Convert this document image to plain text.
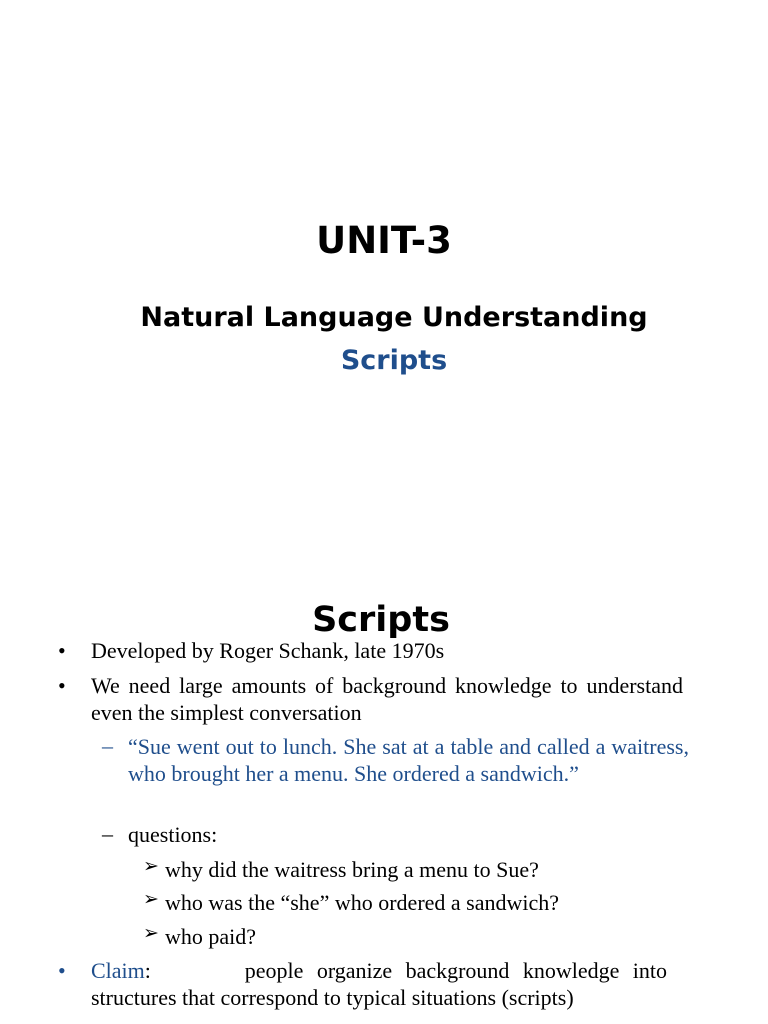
UNIT-3
Natural Language Understanding
Scripts
Scripts
• Developed by Roger Schank, late 1970s
• We need large amounts of background knowledge to understand even the simplest conversation
– “Sue went out to lunch. She sat at a table and called a waitress, who brought her a menu. She ordered a sandwich.”
– questions:
➢ why did the waitress bring a menu to Sue?
➢ who was the “she” who ordered a sandwich?
➢ who paid?
• Claim:       people organize background knowledge into structures that correspond to typical situations (scripts)
